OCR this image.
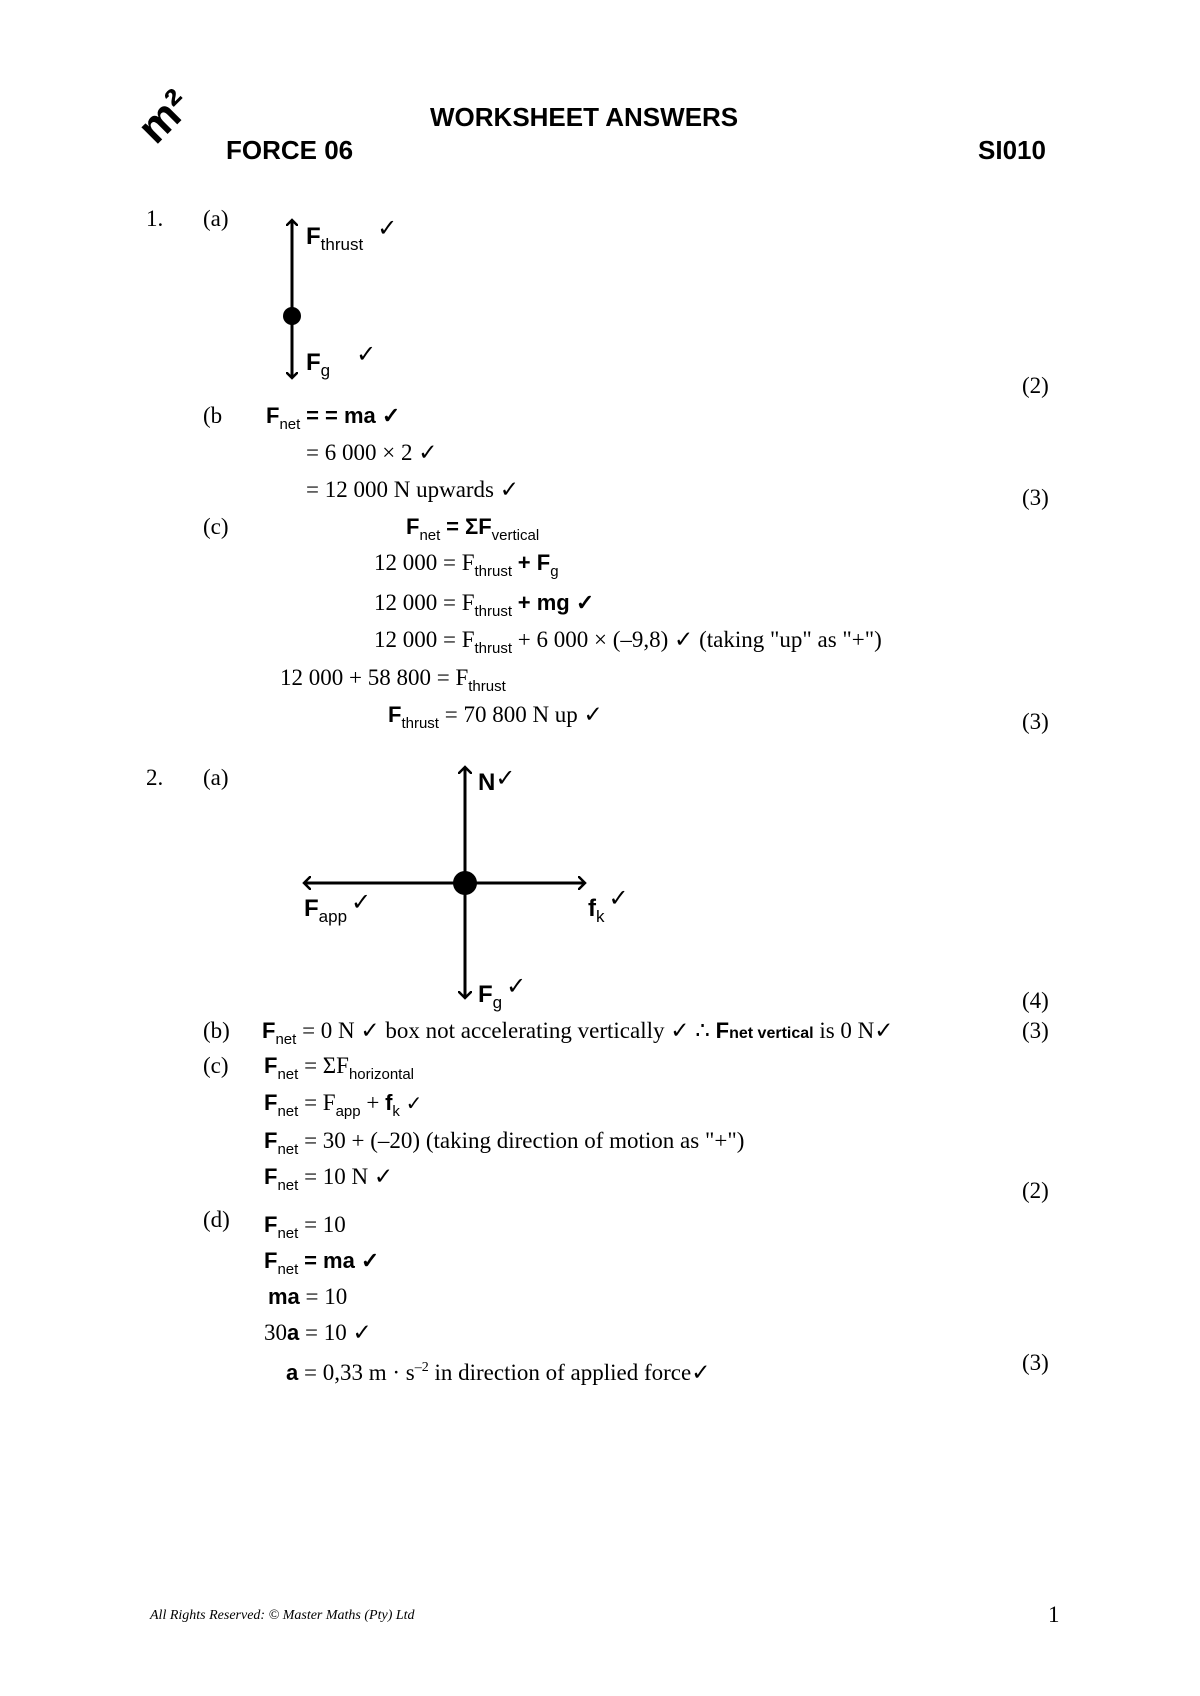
m²	WORKSHEET ANSWERS
FORCE 06	SI010
1. (a)
$F_{thrust}$ ✓
$F_g$ ✓
(2)
(b $F_{net}$ = = ma ✓
= 6 000 × 2 ✓
= 12 000 N upwards ✓	(3)
(c)	$F_{net} = \Sigma F_{vertical}$
12 $000 = F_{thrust} + F_g$
12 $000 = F_{thrust}$ + mg ✓
12 $000 = F_{thrust} + 6$ 000 × (–9,8) ✓ (taking "up" as "+")
12 000 + 58 $800 = F_{thrust}$
$F_{thrust} = 70$ 800 N up ✓	(3)
2. (a)	N✓
$F_{app}$ ✓	$f_k$ ✓
$F_g$ ✓
(4)
(b) $F_{net} = 0$ N ✓ box not accelerating vertically ✓ ∴ Fnet vertical is 0 N✓	(3)
(c) $F_{net} = \Sigma F_{horizontal}$
$F_{net} = F_{app} + f_k$ ✓
$F_{net} = 30 + (-20)$ (taking direction of motion as "+")
$F_{net} = 10$ N ✓
(2)
(d) $F_{net} = 10$
$F_{net}$ = ma ✓
ma = 10
30a = 10 ✓
a = 0,33 $m \cdot s^{-2}$ in direction of applied force✓	(3)
All Rights Reserved: © Master Maths (Pty) Ltd	1
